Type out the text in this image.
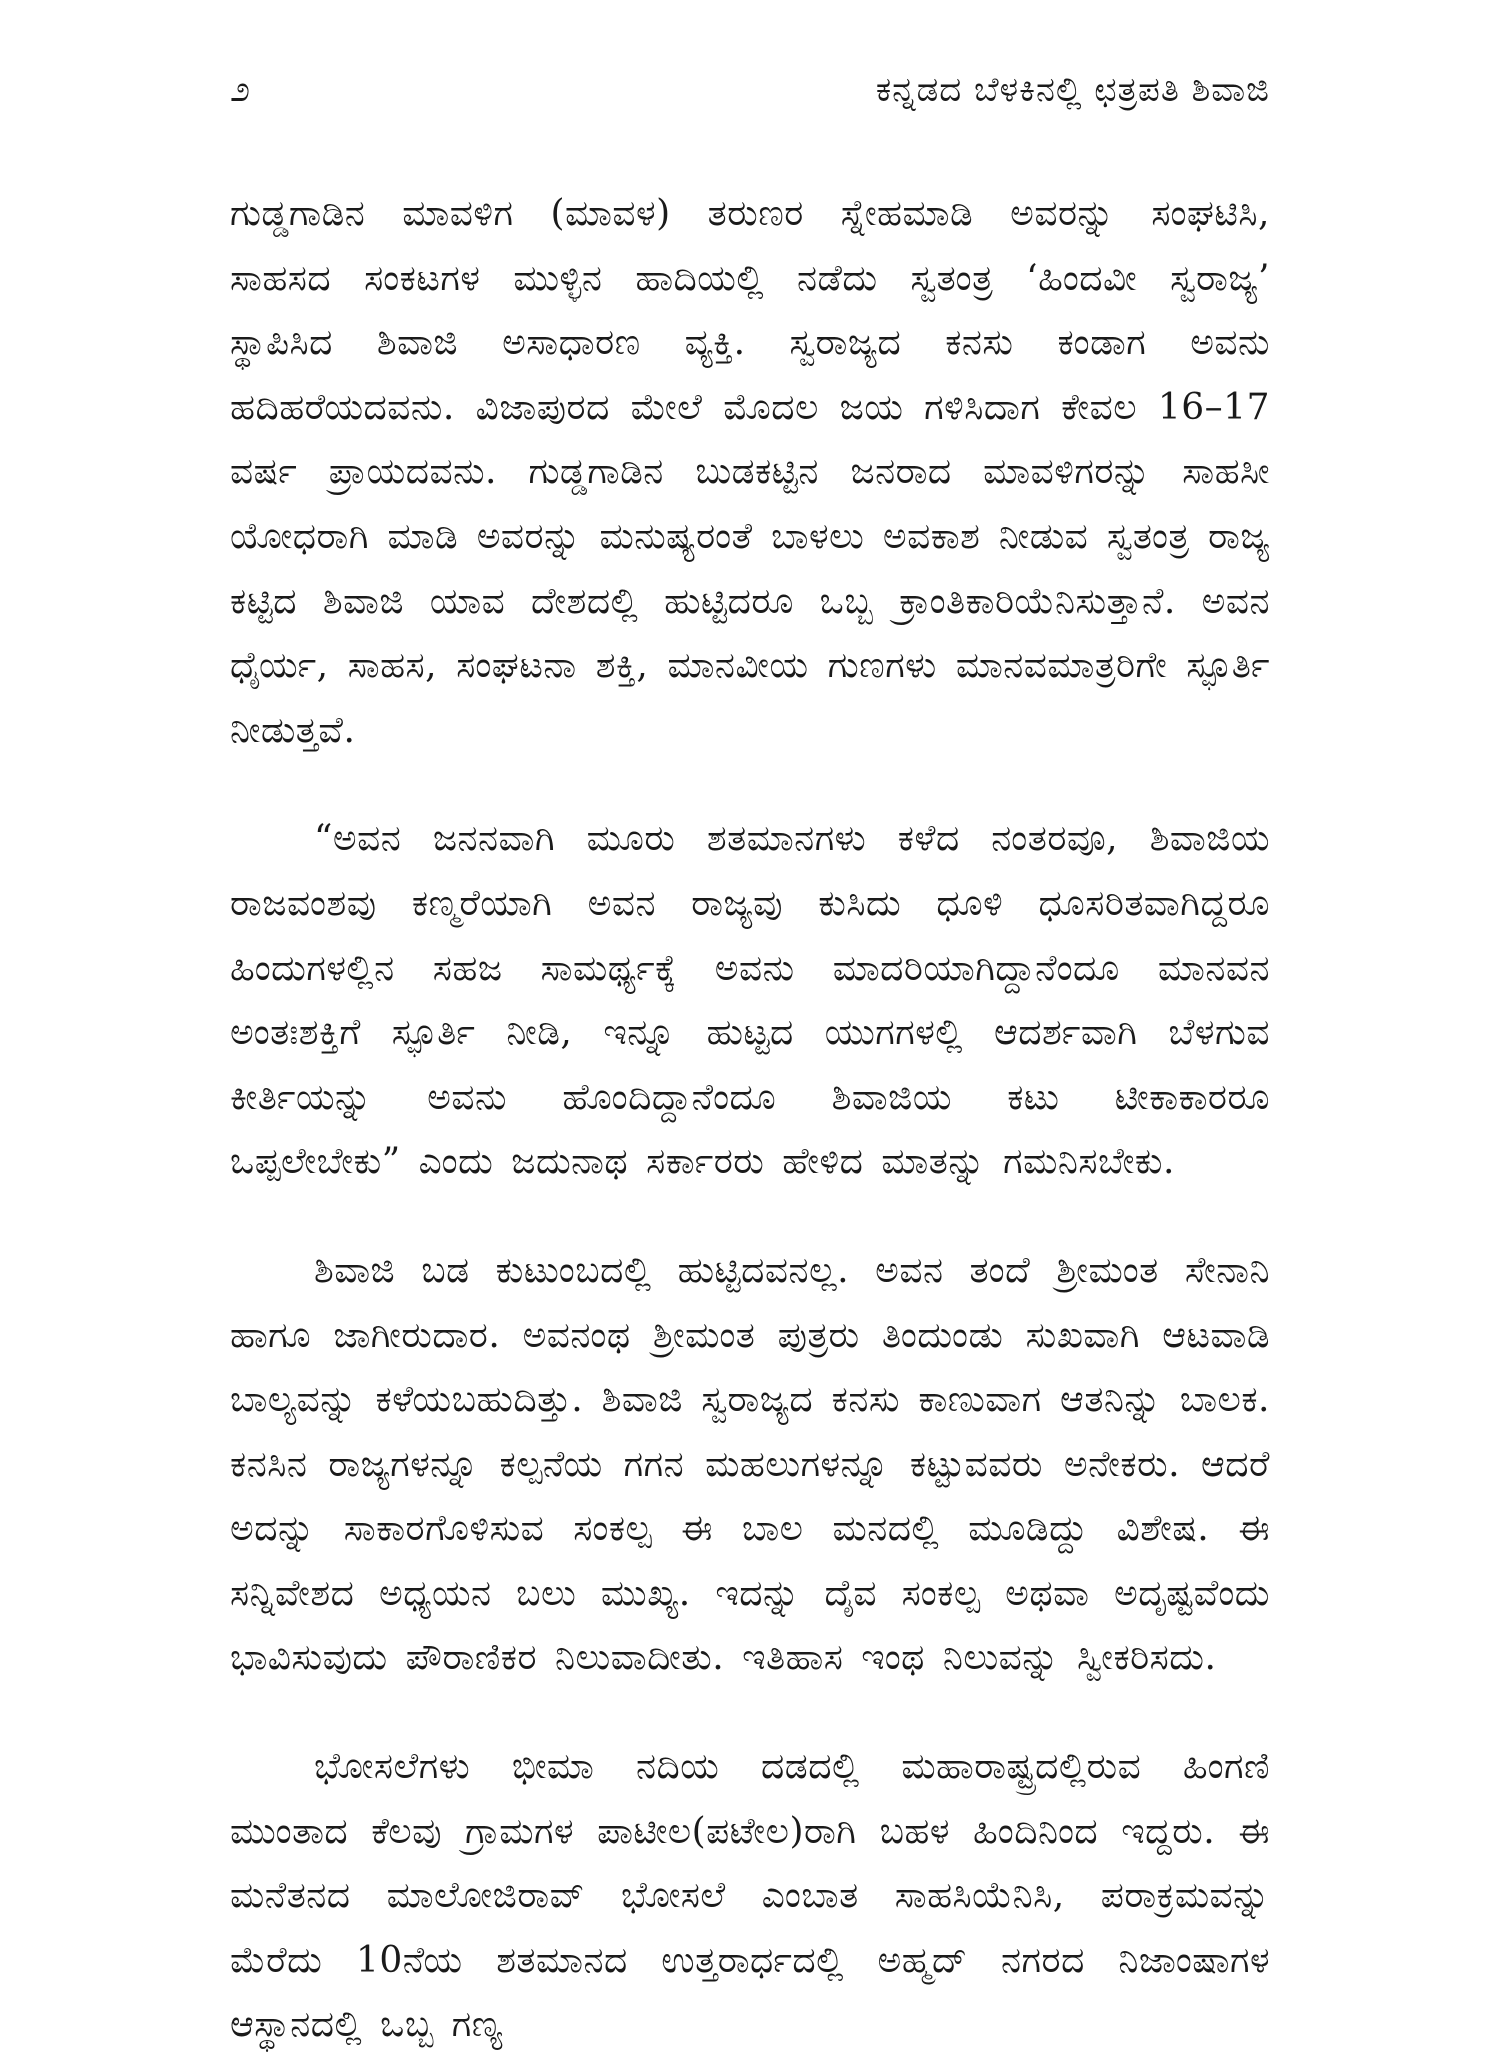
೨	ಕನ್ನಡದ ಬೆಳಕಿನಲ್ಲಿ ಛತ್ರಪತಿ ಶಿವಾಜಿ

ಗುಡ್ಡಗಾಡಿನ ಮಾವಳಿಗ (ಮಾವಳ) ತರುಣರ ಸ್ನೇಹಮಾಡಿ ಅವರನ್ನು ಸಂಘಟಿಸಿ, ಸಾಹಸದ ಸಂಕಟಗಳ ಮುಳ್ಳಿನ ಹಾದಿಯಲ್ಲಿ ನಡೆದು ಸ್ವತಂತ್ರ ‘ಹಿಂದವೀ ಸ್ವರಾಜ್ಯ’ ಸ್ಥಾಪಿಸಿದ ಶಿವಾಜಿ ಅಸಾಧಾರಣ ವ್ಯಕ್ತಿ. ಸ್ವರಾಜ್ಯದ ಕನಸು ಕಂಡಾಗ ಅವನು ಹದಿಹರೆಯದವನು. ವಿಜಾಪುರದ ಮೇಲೆ ಮೊದಲ ಜಯ ಗಳಿಸಿದಾಗ ಕೇವಲ 16–17 ವರ್ಷ ಪ್ರಾಯದವನು. ಗುಡ್ಡಗಾಡಿನ ಬುಡಕಟ್ಟಿನ ಜನರಾದ ಮಾವಳಿಗರನ್ನು ಸಾಹಸೀ ಯೋಧರಾಗಿ ಮಾಡಿ ಅವರನ್ನು ಮನುಷ್ಯರಂತೆ ಬಾಳಲು ಅವಕಾಶ ನೀಡುವ ಸ್ವತಂತ್ರ ರಾಜ್ಯ ಕಟ್ಟಿದ ಶಿವಾಜಿ ಯಾವ ದೇಶದಲ್ಲಿ ಹುಟ್ಟಿದರೂ ಒಬ್ಬ ಕ್ರಾಂತಿಕಾರಿಯೆನಿಸುತ್ತಾನೆ. ಅವನ ಧೈರ್ಯ, ಸಾಹಸ, ಸಂಘಟನಾ ಶಕ್ತಿ, ಮಾನವೀಯ ಗುಣಗಳು ಮಾನವಮಾತ್ರರಿಗೇ ಸ್ಫೂರ್ತಿ ನೀಡುತ್ತವೆ.

“ಅವನ ಜನನವಾಗಿ ಮೂರು ಶತಮಾನಗಳು ಕಳೆದ ನಂತರವೂ, ಶಿವಾಜಿಯ ರಾಜವಂಶವು ಕಣ್ಮರೆಯಾಗಿ ಅವನ ರಾಜ್ಯವು ಕುಸಿದು ಧೂಳಿ ಧೂಸರಿತವಾಗಿದ್ದರೂ ಹಿಂದುಗಳಲ್ಲಿನ ಸಹಜ ಸಾಮರ್ಥ್ಯಕ್ಕೆ ಅವನು ಮಾದರಿಯಾಗಿದ್ದಾನೆಂದೂ ಮಾನವನ ಅಂತಃಶಕ್ತಿಗೆ ಸ್ಫೂರ್ತಿ ನೀಡಿ, ಇನ್ನೂ ಹುಟ್ಟದ ಯುಗಗಳಲ್ಲಿ ಆದರ್ಶವಾಗಿ ಬೆಳಗುವ ಕೀರ್ತಿಯನ್ನು ಅವನು ಹೊಂದಿದ್ದಾನೆಂದೂ ಶಿವಾಜಿಯ ಕಟು ಟೀಕಾಕಾರರೂ ಒಪ್ಪಲೇಬೇಕು” ಎಂದು ಜದುನಾಥ ಸರ್ಕಾರರು ಹೇಳಿದ ಮಾತನ್ನು ಗಮನಿಸಬೇಕು.

ಶಿವಾಜಿ ಬಡ ಕುಟುಂಬದಲ್ಲಿ ಹುಟ್ಟಿದವನಲ್ಲ. ಅವನ ತಂದೆ ಶ್ರೀಮಂತ ಸೇನಾನಿ ಹಾಗೂ ಜಾಗೀರುದಾರ. ಅವನಂಥ ಶ್ರೀಮಂತ ಪುತ್ರರು ತಿಂದುಂಡು ಸುಖವಾಗಿ ಆಟವಾಡಿ ಬಾಲ್ಯವನ್ನು ಕಳೆಯಬಹುದಿತ್ತು. ಶಿವಾಜಿ ಸ್ವರಾಜ್ಯದ ಕನಸು ಕಾಣುವಾಗ ಆತನಿನ್ನು ಬಾಲಕ. ಕನಸಿನ ರಾಜ್ಯಗಳನ್ನೂ ಕಲ್ಪನೆಯ ಗಗನ ಮಹಲುಗಳನ್ನೂ ಕಟ್ಟುವವರು ಅನೇಕರು. ಆದರೆ ಅದನ್ನು ಸಾಕಾರಗೊಳಿಸುವ ಸಂಕಲ್ಪ ಈ ಬಾಲ ಮನದಲ್ಲಿ ಮೂಡಿದ್ದು ವಿಶೇಷ. ಈ ಸನ್ನಿವೇಶದ ಅಧ್ಯಯನ ಬಲು ಮುಖ್ಯ. ಇದನ್ನು ದೈವ ಸಂಕಲ್ಪ ಅಥವಾ ಅದೃಷ್ಟವೆಂದು ಭಾವಿಸುವುದು ಪೌರಾಣಿಕರ ನಿಲುವಾದೀತು. ಇತಿಹಾಸ ಇಂಥ ನಿಲುವನ್ನು ಸ್ವೀಕರಿಸದು.

ಭೋಸಲೆಗಳು ಭೀಮಾ ನದಿಯ ದಡದಲ್ಲಿ ಮಹಾರಾಷ್ಟ್ರದಲ್ಲಿರುವ ಹಿಂಗಣಿ ಮುಂತಾದ ಕೆಲವು ಗ್ರಾಮಗಳ ಪಾಟೀಲ(ಪಟೇಲ)ರಾಗಿ ಬಹಳ ಹಿಂದಿನಿಂದ ಇದ್ದರು. ಈ ಮನೆತನದ ಮಾಲೋಜಿರಾವ್ ಭೋಸಲೆ ಎಂಬಾತ ಸಾಹಸಿಯೆನಿಸಿ, ಪರಾಕ್ರಮವನ್ನು ಮೆರೆದು 10ನೆಯ ಶತಮಾನದ ಉತ್ತರಾರ್ಧದಲ್ಲಿ ಅಹ್ಮದ್ ನಗರದ ನಿಜಾಂಷಾಗಳ ಆಸ್ಥಾನದಲ್ಲಿ ಒಬ್ಬ ಗಣ್ಯ
